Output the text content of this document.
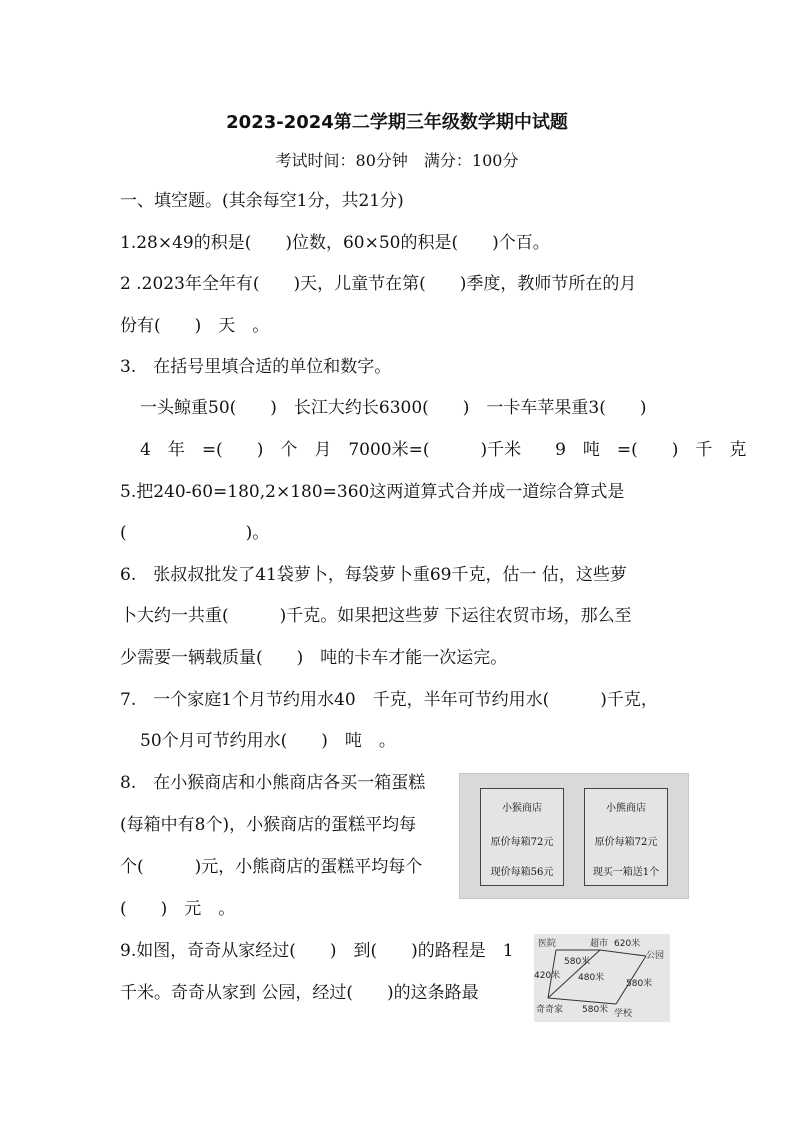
2023-2024第二学期三年级数学期中试题
考试时间：80分钟　满分：100分
一、填空题。(其余每空1分，共21分)
1.28×49的积是(　　)位数，60×50的积是(　　)个百。
2 .2023年全年有(　　)天，儿童节在第(　　)季度，教师节所在的月
份有(　　)　天　。
3.　在括号里填合适的单位和数字。
一头鲸重50(　　)　长江大约长6300(　　)　一卡车苹果重3(　　)
4　年　=(　　)　个　月　7000米=(　　　)千米　　9　吨　=(　　)　千　克
5.把240-60=180,2×180=360这两道算式合并成一道综合算式是
(　　　　　　　)。
6.　张叔叔批发了41袋萝卜，每袋萝卜重69千克，估一 估，这些萝
卜大约一共重(　　　)千克。如果把这些萝 下运往农贸市场，那么至
少需要一辆载质量(　　)　吨的卡车才能一次运完。
7.　一个家庭1个月节约用水40　千克，半年可节约用水(　　　)千克，
50个月可节约用水(　　)　吨　。
8.　在小猴商店和小熊商店各买一箱蛋糕
(每箱中有8个)，小猴商店的蛋糕平均每
个(　　　)元，小熊商店的蛋糕平均每个
(　　)　元　。
小猴商店
原价每箱72元
现价每箱56元
小熊商店
原价每箱72元
现买一箱送1个
9.如图，奇奇从家经过(　　)　到(　　)的路程是　1
千米。奇奇从家到 公园，经过(　　)的这条路最
医院	超市 620米
公园
580米
420米 480米
580米
奇奇家 580米 学校
